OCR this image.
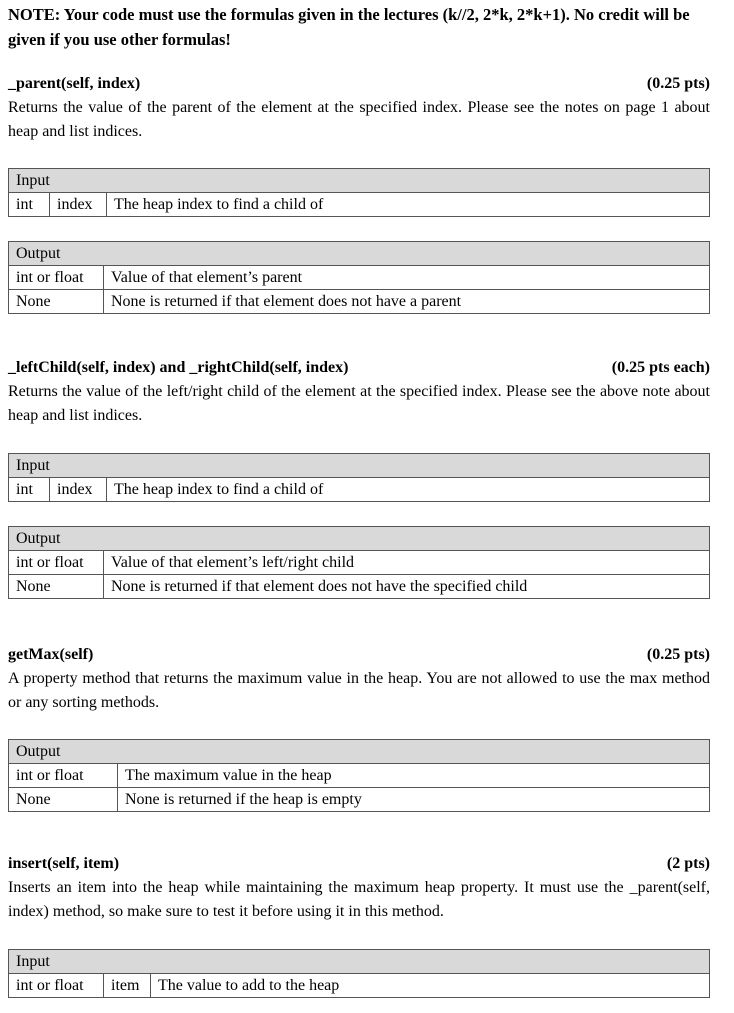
NOTE: Your code must use the formulas given in the lectures (k//2, 2*k, 2*k+1). No credit will be given if you use other formulas!
_parent(self, index)	(0.25 pts)
Returns the value of the parent of the element at the specified index. Please see the notes on page 1 about heap and list indices.
Input
int	index	The heap index to find a child of
Output	
int or float	Value of that element’s parent
None	None is returned if that element does not have a parent
_leftChild(self, index) and _rightChild(self, index)	(0.25 pts each)
Returns the value of the left/right child of the element at the specified index. Please see the above note about heap and list indices.
Input
int	index	The heap index to find a child of
Output	
int or float	Value of that element’s left/right child
None	None is returned if that element does not have the specified child
getMax(self)	(0.25 pts)
A property method that returns the maximum value in the heap. You are not allowed to use the max method or any sorting methods.
Output	
int or float	The maximum value in the heap
None	None is returned if the heap is empty
insert(self, item)	(2 pts)
Inserts an item into the heap while maintaining the maximum heap property. It must use the _parent(self, index) method, so make sure to test it before using it in this method.
Input
int or float	item	The value to add to the heap
